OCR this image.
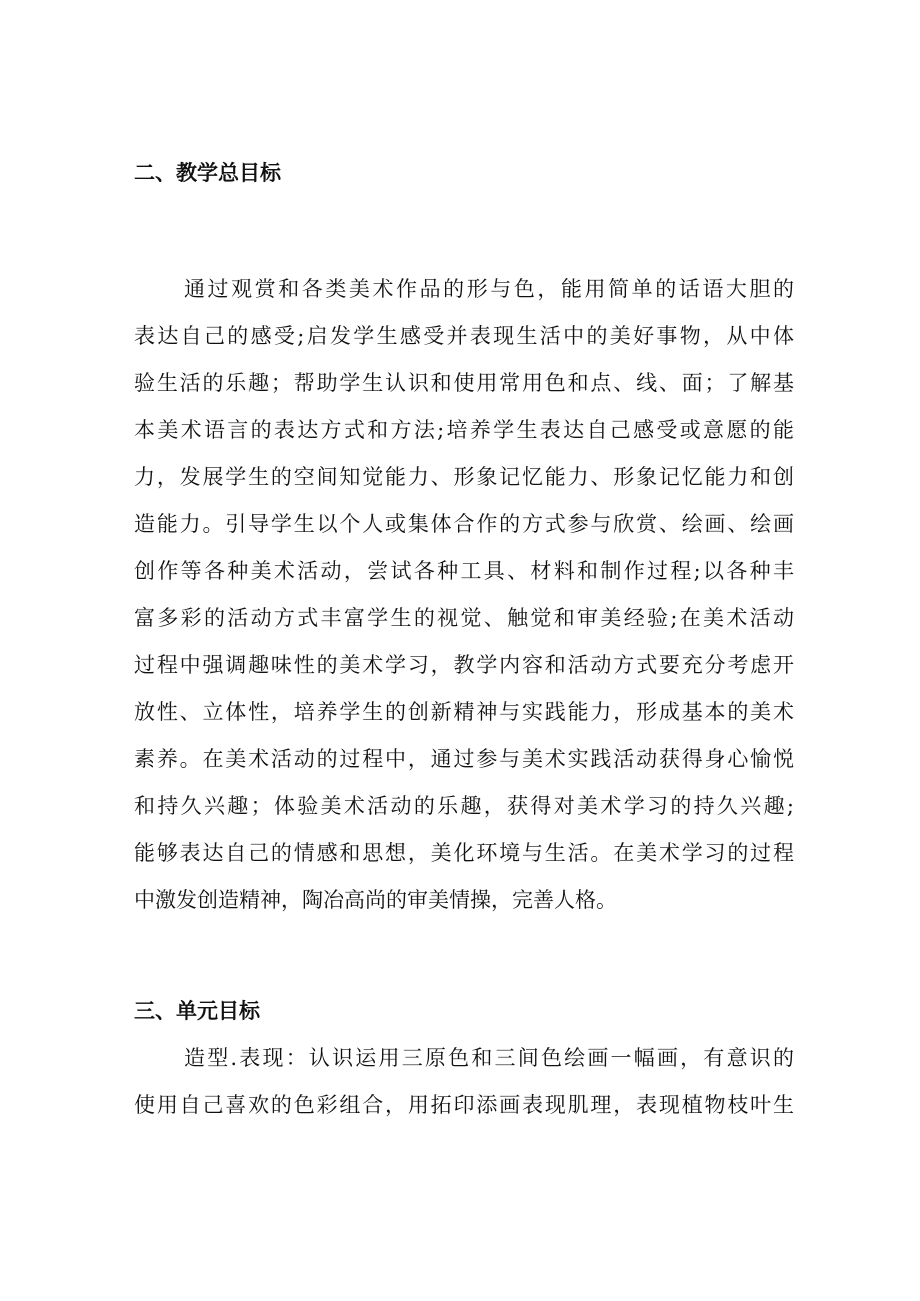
二、教学总目标
通过观赏和各类美术作品的形与色，能用简单的话语大胆的
表达自己的感受;启发学生感受并表现生活中的美好事物，从中体
验生活的乐趣；帮助学生认识和使用常用色和点、线、面；了解基
本美术语言的表达方式和方法;培养学生表达自己感受或意愿的能
力，发展学生的空间知觉能力、形象记忆能力、形象记忆能力和创
造能力。引导学生以个人或集体合作的方式参与欣赏、绘画、绘画
创作等各种美术活动，尝试各种工具、材料和制作过程;以各种丰
富多彩的活动方式丰富学生的视觉、触觉和审美经验;在美术活动
过程中强调趣味性的美术学习，教学内容和活动方式要充分考虑开
放性、立体性，培养学生的创新精神与实践能力，形成基本的美术
素养。在美术活动的过程中，通过参与美术实践活动获得身心愉悦
和持久兴趣；体验美术活动的乐趣，获得对美术学习的持久兴趣;
能够表达自己的情感和思想，美化环境与生活。在美术学习的过程
中激发创造精神，陶冶高尚的审美情操，完善人格。
三、单元目标
造型.表现：认识运用三原色和三间色绘画一幅画，有意识的
使用自己喜欢的色彩组合，用拓印添画表现肌理，表现植物枝叶生
